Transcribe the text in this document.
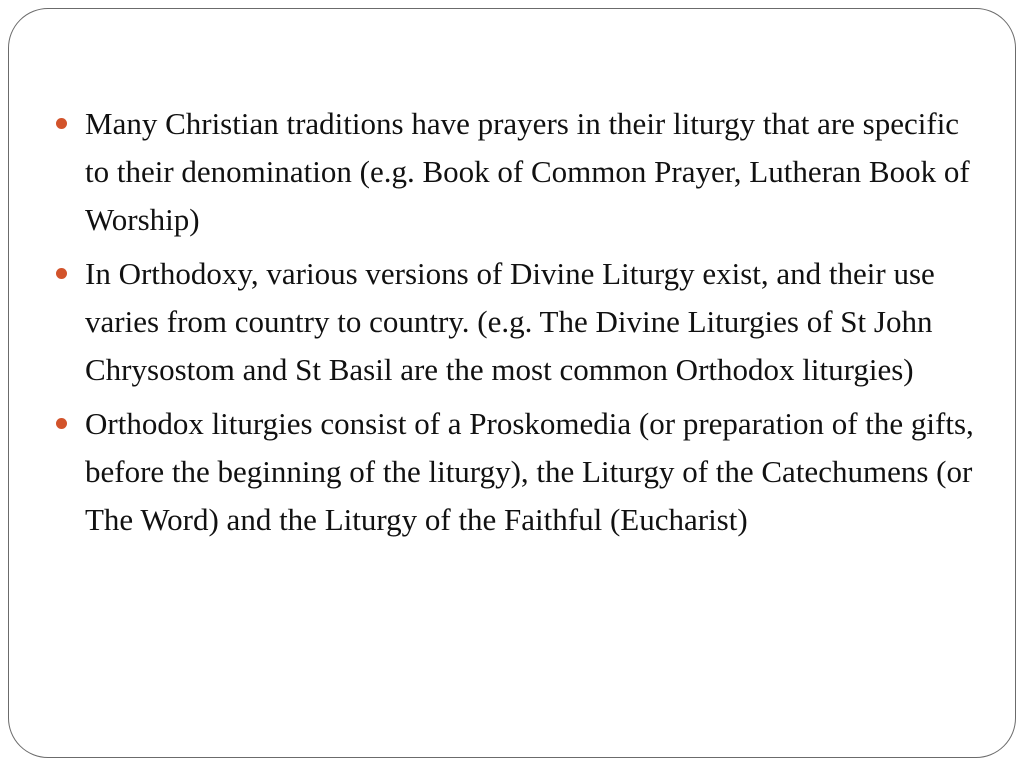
Many Christian traditions have prayers in their liturgy that are specific to their denomination (e.g. Book of Common Prayer, Lutheran Book of Worship)
In Orthodoxy, various versions of Divine Liturgy exist, and their use varies from country to country. (e.g. The Divine Liturgies of St John Chrysostom and St Basil are the most common Orthodox liturgies)
Orthodox liturgies consist of a Proskomedia (or preparation of the gifts, before the beginning of the liturgy), the Liturgy of the Catechumens (or The Word) and the Liturgy of the Faithful (Eucharist)
